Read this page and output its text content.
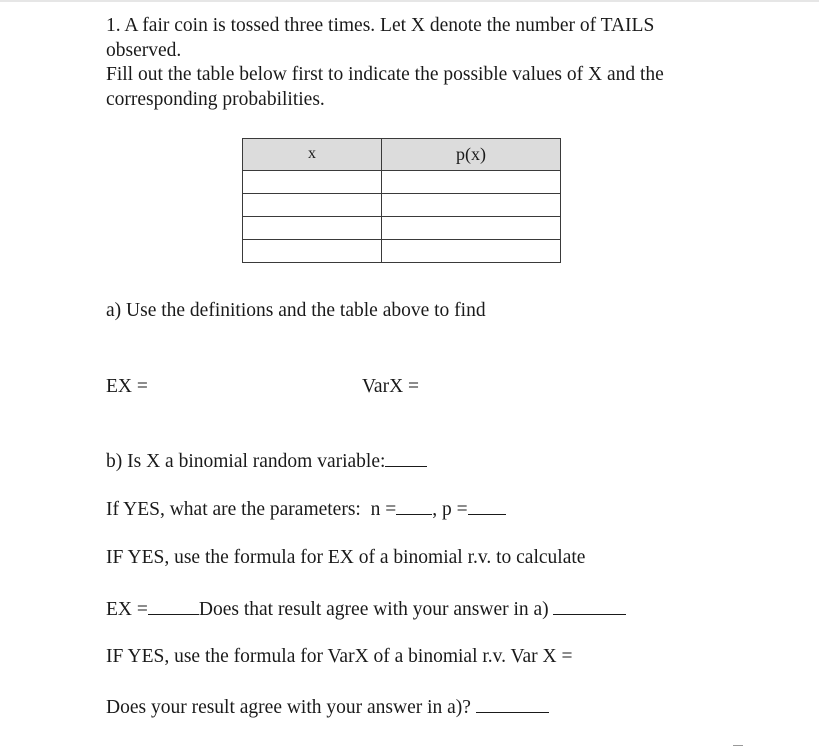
1. A fair coin is tossed three times. Let X denote the number of TAILS

observed.

Fill out the table below first to indicate the possible values of X and the

corresponding probabilities.

x	p(x)

a) Use the definitions and the table above to find
EX =	VarX =
b) Is X a binomial random variable:
If YES, what are the parameters: n = , p =
IF YES, use the formula for EX of a binomial r.v. to calculate
EX =	Does that result agree with your answer in a)
IF YES, use the formula for VarX of a binomial r.v. Var X =
Does your result agree with your answer in a)?
